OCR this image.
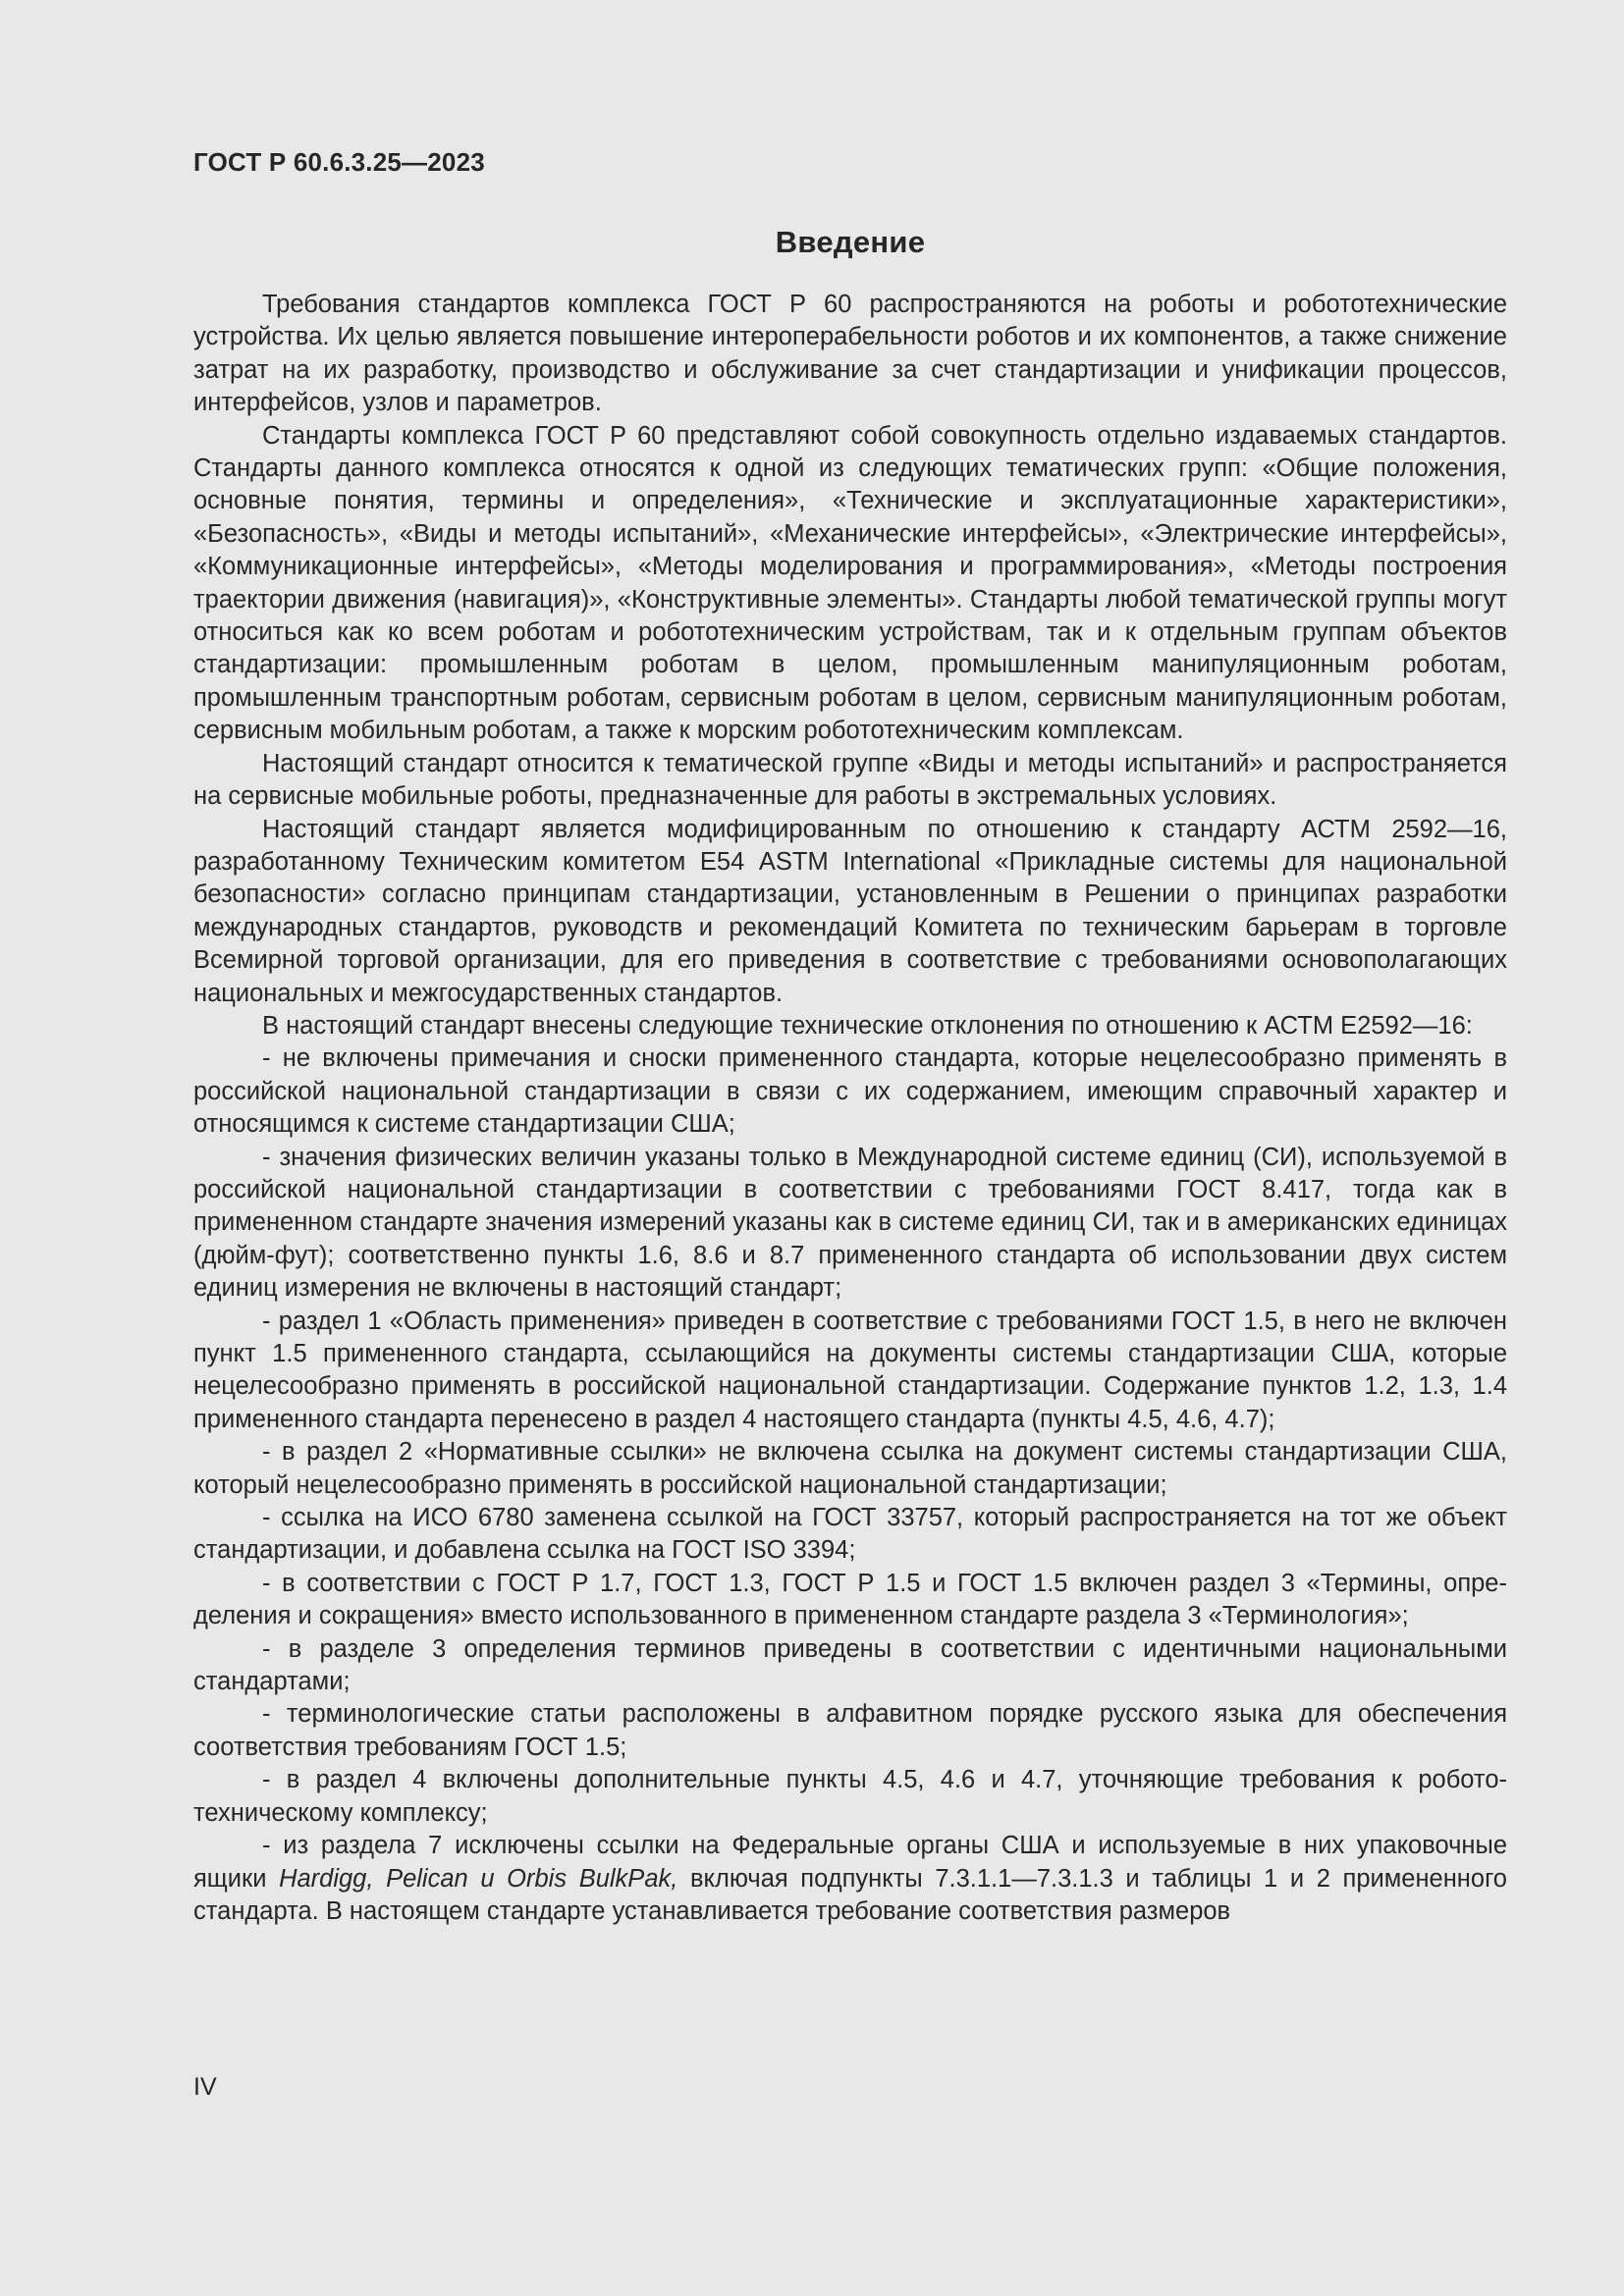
ГОСТ Р 60.6.3.25—2023
Введение

Требования стандартов комплекса ГОСТ Р 60 распространяются на роботы и робототехнические устройства. Их целью является повышение интероперабельности роботов и их компонентов, а также снижение затрат на их разработку, производство и обслуживание за счет стандартизации и унификации процессов, интерфейсов, узлов и параметров.

Стандарты комплекса ГОСТ Р 60 представляют собой совокупность отдельно издаваемых стандартов. Стандарты данного комплекса относятся к одной из следующих тематических групп: «Общие положения, основные понятия, термины и определения», «Технические и эксплуатационные характеристики», «Безопасность», «Виды и методы испытаний», «Механические интерфейсы», «Электрические интерфейсы», «Коммуникационные интерфейсы», «Методы моделирования и программирования», «Методы построения траектории движения (навигация)», «Конструктивные элементы». Стандарты любой тематической группы могут относиться как ко всем роботам и робототехническим устройствам, так и к отдельным группам объектов стандартизации: промышленным роботам в целом, промышленным манипуляционным роботам, промышленным транспортным роботам, сервисным роботам в целом, сервисным манипуляционным роботам, сервисным мобильным роботам, а также к морским робототехническим комплексам.

Настоящий стандарт относится к тематической группе «Виды и методы испытаний» и распространяется на сервисные мобильные роботы, предназначенные для работы в экстремальных условиях.

Настоящий стандарт является модифицированным по отношению к стандарту АСТМ 2592—16, разработанному Техническим комитетом Е54 ASTM International «Прикладные системы для национальной безопасности» согласно принципам стандартизации, установленным в Решении о принципах разработки международных стандартов, руководств и рекомендаций Комитета по техническим барьерам в торговле Всемирной торговой организации, для его приведения в соответствие с требованиями основополагающих национальных и межгосударственных стандартов.

В настоящий стандарт внесены следующие технические отклонения по отношению к АСТМ Е2592—16:

- не включены примечания и сноски примененного стандарта, которые нецелесообразно применять в российской национальной стандартизации в связи с их содержанием, имеющим справочный характер и относящимся к системе стандартизации США;

- значения физических величин указаны только в Международной системе единиц (СИ), используемой в российской национальной стандартизации в соответствии с требованиями ГОСТ 8.417, тогда как в примененном стандарте значения измерений указаны как в системе единиц СИ, так и в американских единицах (дюйм-фут); соответственно пункты 1.6, 8.6 и 8.7 примененного стандарта об использовании двух систем единиц измерения не включены в настоящий стандарт;

- раздел 1 «Область применения» приведен в соответствие с требованиями ГОСТ 1.5, в него не включен пункт 1.5 примененного стандарта, ссылающийся на документы системы стандартизации США, которые нецелесообразно применять в российской национальной стандартизации. Содержание пунктов 1.2, 1.3, 1.4 примененного стандарта перенесено в раздел 4 настоящего стандарта (пункты 4.5, 4.6, 4.7);

- в раздел 2 «Нормативные ссылки» не включена ссылка на документ системы стандартизации США, который нецелесообразно применять в российской национальной стандартизации;

- ссылка на ИСО 6780 заменена ссылкой на ГОСТ 33757, который распространяется на тот же объект стандартизации, и добавлена ссылка на ГОСТ ISO 3394;

- в соответствии с ГОСТ Р 1.7, ГОСТ 1.3, ГОСТ Р 1.5 и ГОСТ 1.5 включен раздел 3 «Термины, определения и сокращения» вместо использованного в примененном стандарте раздела 3 «Терминология»;

- в разделе 3 определения терминов приведены в соответствии с идентичными национальными стандартами;

- терминологические статьи расположены в алфавитном порядке русского языка для обеспечения соответствия требованиям ГОСТ 1.5;

- в раздел 4 включены дополнительные пункты 4.5, 4.6 и 4.7, уточняющие требования к робототехническому комплексу;

- из раздела 7 исключены ссылки на Федеральные органы США и используемые в них упаковочные ящики Hardigg, Pelican и Orbis BulkPak, включая подпункты 7.3.1.1—7.3.1.3 и таблицы 1 и 2 примененного стандарта. В настоящем стандарте устанавливается требование соответствия размеров

IV
